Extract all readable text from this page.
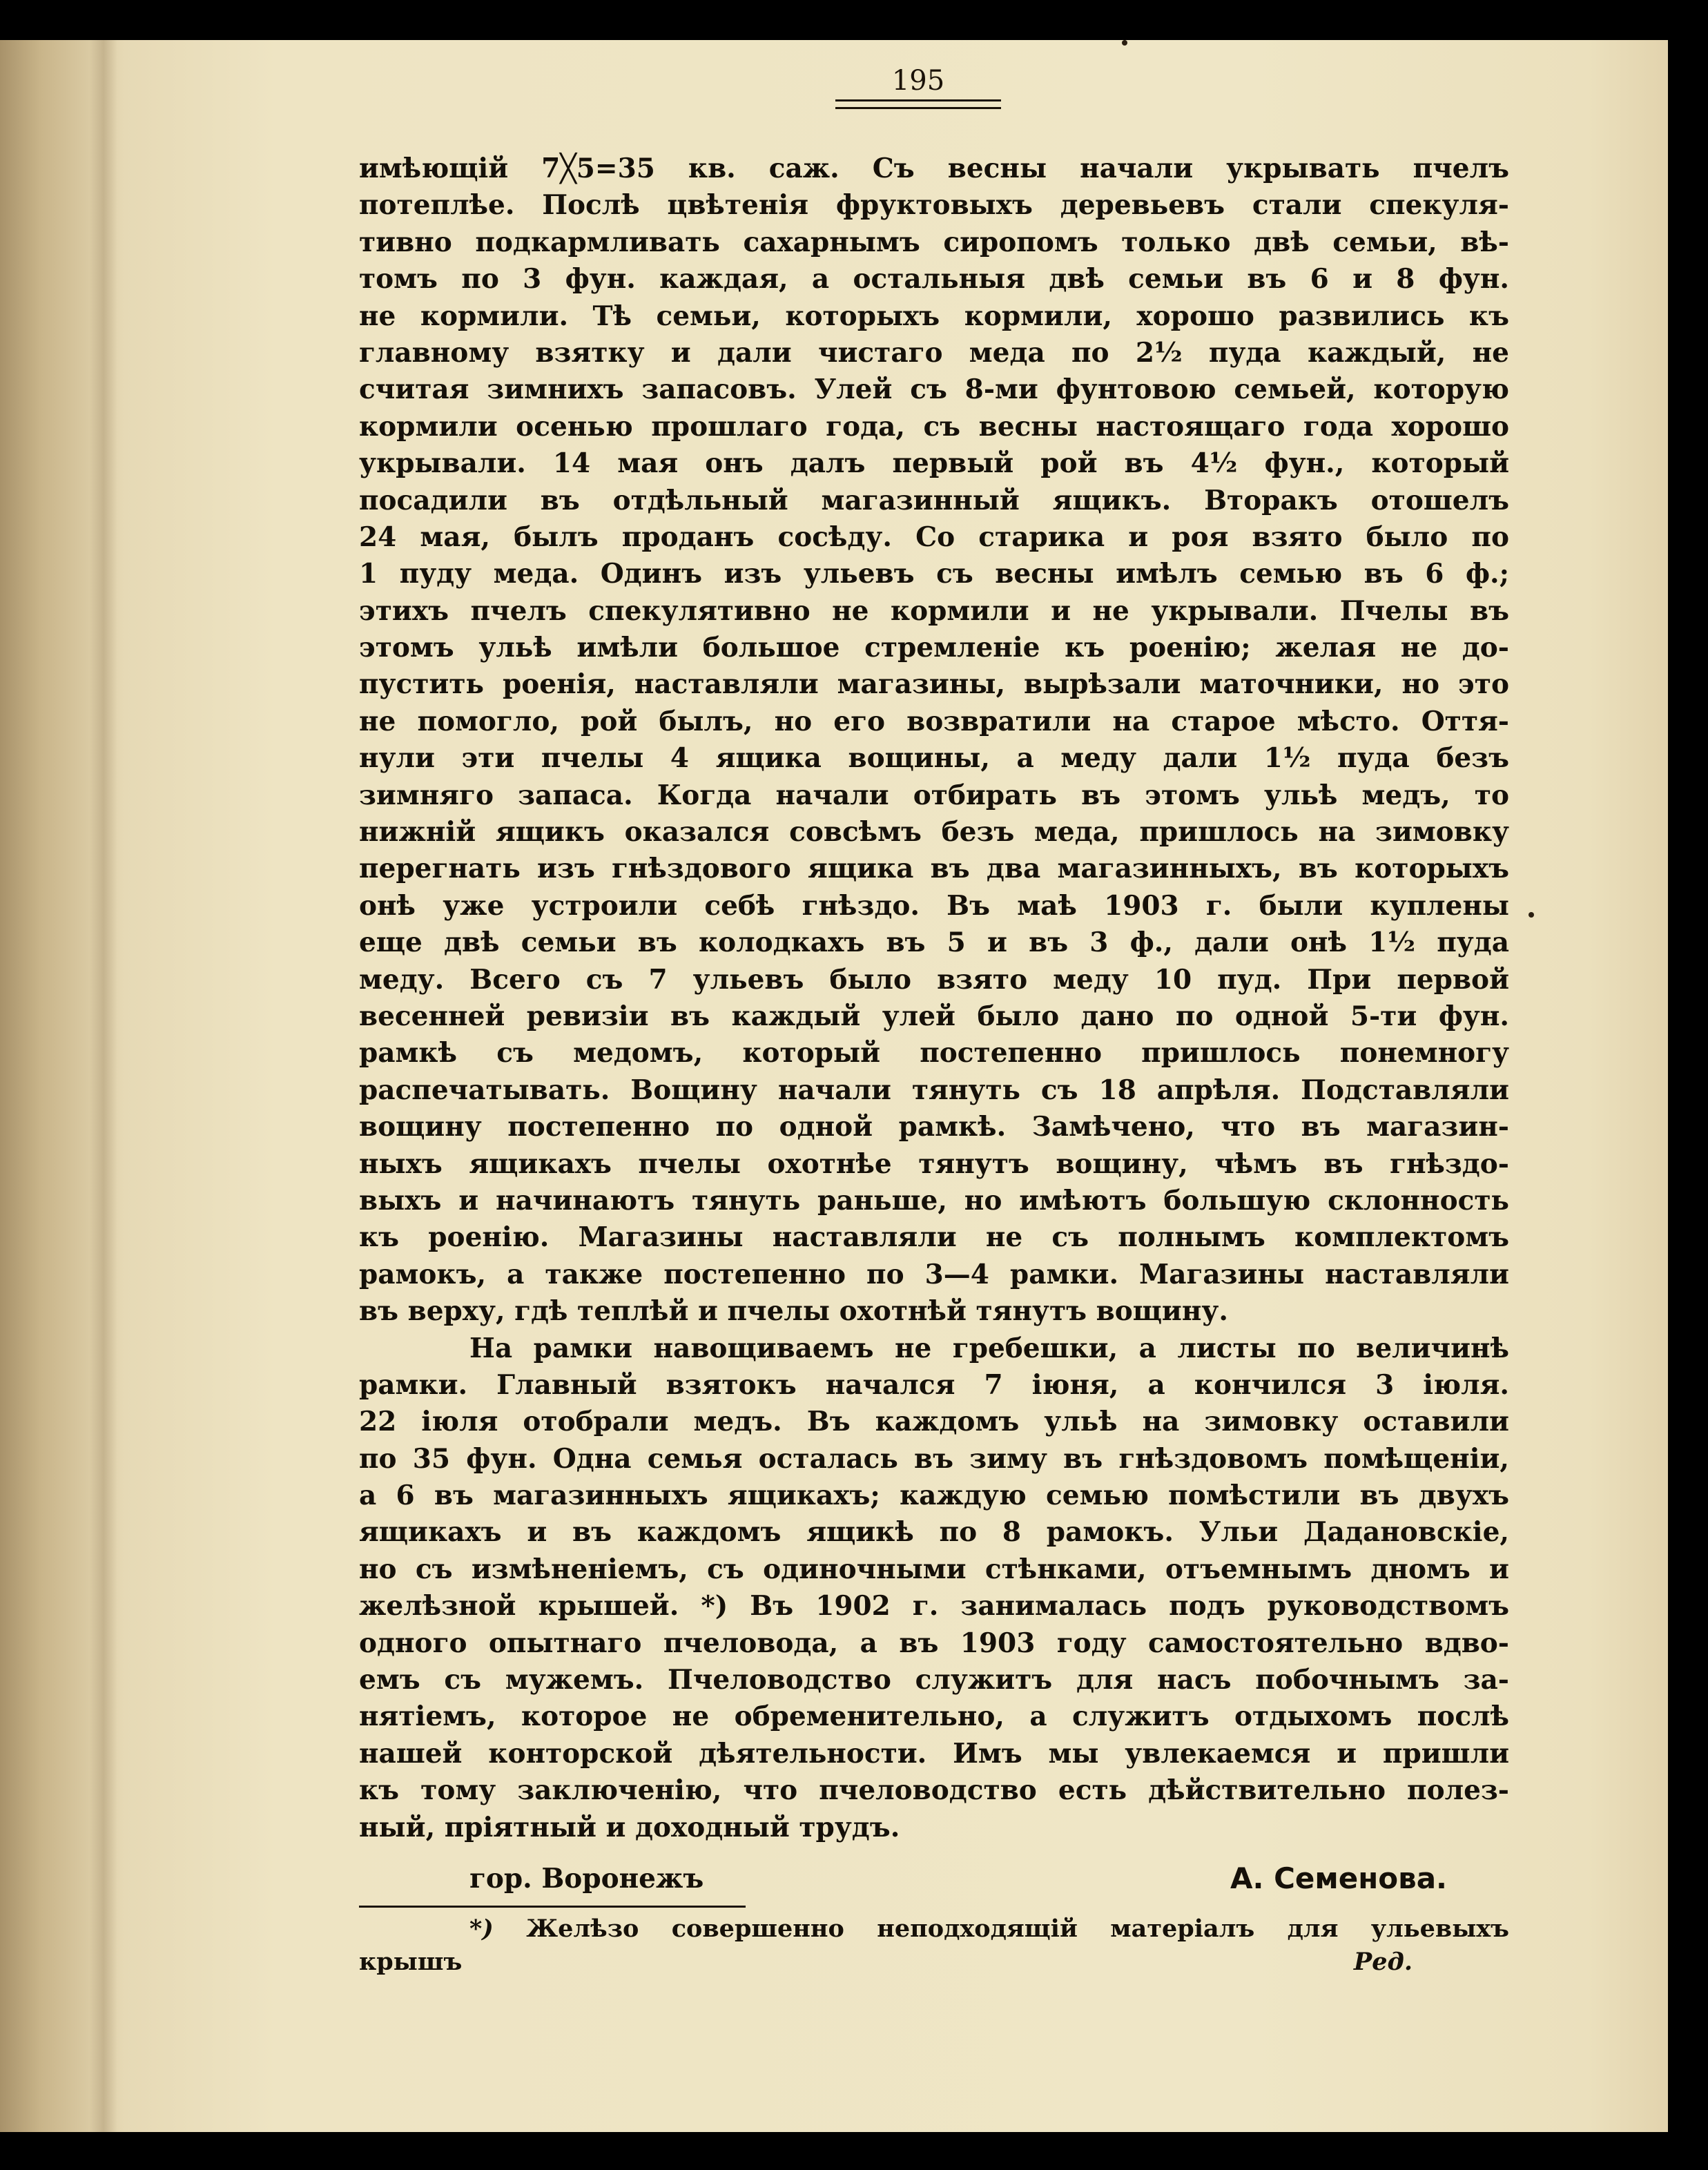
195
имѣющій 7╳5=35 кв. саж. Съ весны начали укрывать пчелъ
потеплѣе. Послѣ цвѣтенія фруктовыхъ деревьевъ стали спекуля-
тивно подкармливать сахарнымъ сиропомъ только двѣ семьи, вѣ-
томъ по 3 фун. каждая, а остальныя двѣ семьи въ 6 и 8 фун.
не кормили. Тѣ семьи, которыхъ кормили, хорошо развились къ
главному взятку и дали чистаго меда по 2½ пуда каждый, не
считая зимнихъ запасовъ. Улей съ 8-ми фунтовою семьей, которую
кормили осенью прошлаго года, съ весны настоящаго года хорошо
укрывали. 14 мая онъ далъ первый рой въ 4½ фун., который
посадили въ отдѣльный магазинный ящикъ. Вторакъ отошелъ
24 мая, былъ проданъ сосѣду. Со старика и роя взято было по
1 пуду меда. Одинъ изъ ульевъ съ весны имѣлъ семью въ 6 ф.;
этихъ пчелъ спекулятивно не кормили и не укрывали. Пчелы въ
этомъ ульѣ имѣли большое стремленіе къ роенію; желая не до-
пустить роенія, наставляли магазины, вырѣзали маточники, но это
не помогло, рой былъ, но его возвратили на старое мѣсто. Оття-
нули эти пчелы 4 ящика вощины, а меду дали 1½ пуда безъ
зимняго запаса. Когда начали отбирать въ этомъ ульѣ медъ, то
нижній ящикъ оказался совсѣмъ безъ меда, пришлось на зимовку
перегнать изъ гнѣздового ящика въ два магазинныхъ, въ которыхъ
онѣ уже устроили себѣ гнѣздо. Въ маѣ 1903 г. были куплены
еще двѣ семьи въ колодкахъ въ 5 и въ 3 ф., дали онѣ 1½ пуда
меду. Всего съ 7 ульевъ было взято меду 10 пуд. При первой
весенней ревизіи въ каждый улей было дано по одной 5-ти фун.
рамкѣ съ медомъ, который постепенно пришлось понемногу
распечатывать. Вощину начали тянуть съ 18 апрѣля. Подставляли
вощину постепенно по одной рамкѣ. Замѣчено, что въ магазин-
ныхъ ящикахъ пчелы охотнѣе тянутъ вощину, чѣмъ въ гнѣздо-
выхъ и начинаютъ тянуть раньше, но имѣютъ большую склонность
къ роенію. Магазины наставляли не съ полнымъ комплектомъ
рамокъ, а также постепенно по 3—4 рамки. Магазины наставляли
въ верху, гдѣ теплѣй и пчелы охотнѣй тянутъ вощину.
На рамки навощиваемъ не гребешки, а листы по величинѣ
рамки. Главный взятокъ начался 7 іюня, а кончился 3 іюля.
22 іюля отобрали медъ. Въ каждомъ ульѣ на зимовку оставили
по 35 фун. Одна семья осталась въ зиму въ гнѣздовомъ помѣщеніи,
а 6 въ магазинныхъ ящикахъ; каждую семью помѣстили въ двухъ
ящикахъ и въ каждомъ ящикѣ по 8 рамокъ. Ульи Дадановскіе,
но съ измѣненіемъ, съ одиночными стѣнками, отъемнымъ дномъ и
желѣзной крышей. *) Въ 1902 г. занималась подъ руководствомъ
одного опытнаго пчеловода, а въ 1903 году самостоятельно вдво-
емъ съ мужемъ. Пчеловодство служитъ для насъ побочнымъ за-
нятіемъ, которое не обременительно, а служитъ отдыхомъ послѣ
нашей конторской дѣятельности. Имъ мы увлекаемся и пришли
къ тому заключенію, что пчеловодство есть дѣйствительно полез-
ный, пріятный и доходный трудъ.
гор. Воронежъ	А. Семенова.
*) Желѣзо совершенно неподходящій матеріалъ для ульевыхъ
крышъ	Ред.
